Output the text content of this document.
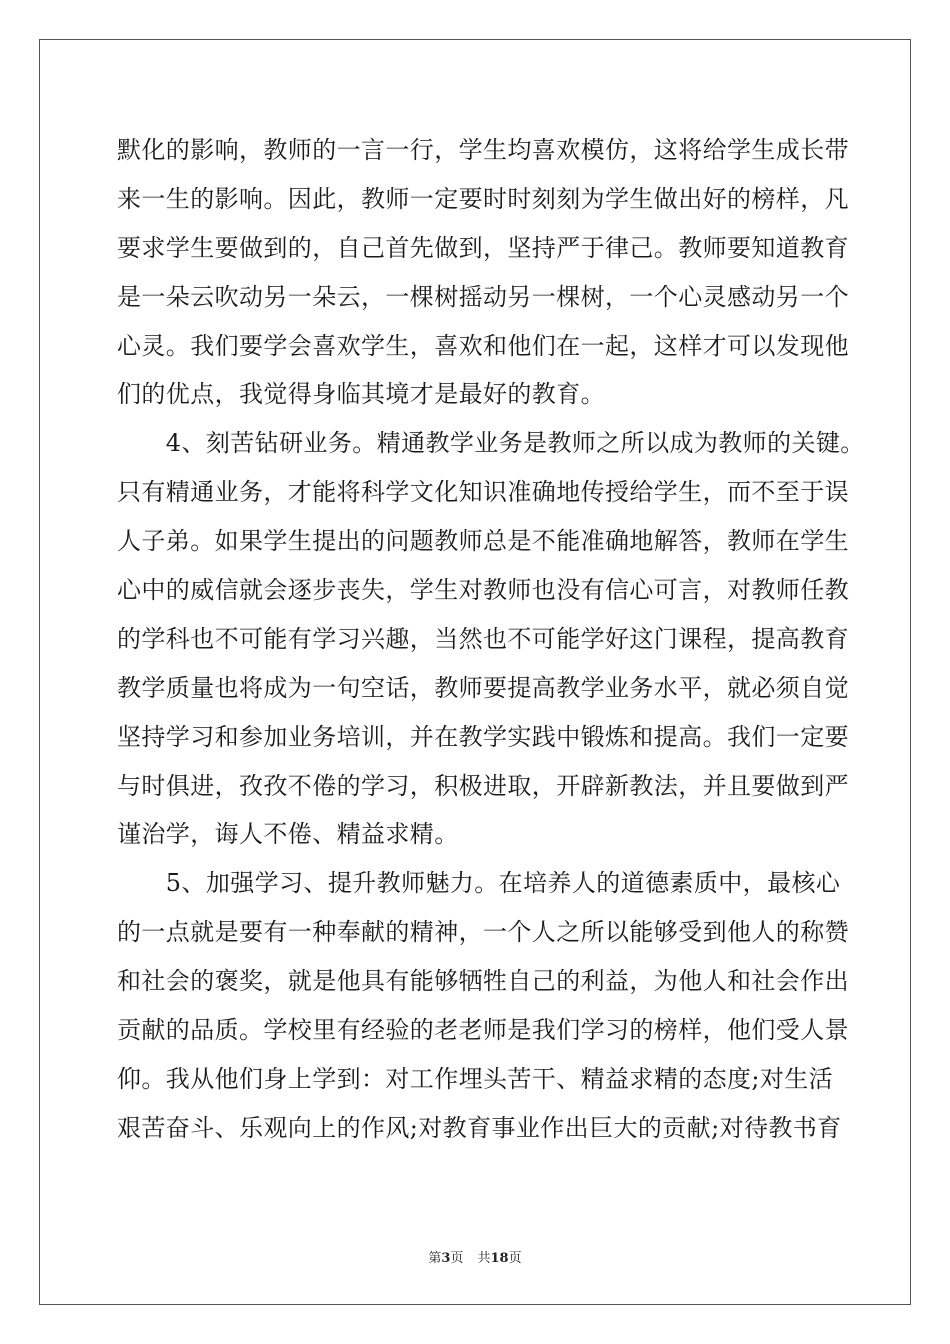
默化的影响，教师的一言一行，学生均喜欢模仿，这将给学生成长带
来一生的影响。因此，教师一定要时时刻刻为学生做出好的榜样，凡
要求学生要做到的，自己首先做到，坚持严于律己。教师要知道教育
是一朵云吹动另一朵云，一棵树摇动另一棵树，一个心灵感动另一个
心灵。我们要学会喜欢学生，喜欢和他们在一起，这样才可以发现他
们的优点，我觉得身临其境才是最好的教育。
　　4、刻苦钻研业务。精通教学业务是教师之所以成为教师的关键。
只有精通业务，才能将科学文化知识准确地传授给学生，而不至于误
人子弟。如果学生提出的问题教师总是不能准确地解答，教师在学生
心中的威信就会逐步丧失，学生对教师也没有信心可言，对教师任教
的学科也不可能有学习兴趣，当然也不可能学好这门课程，提高教育
教学质量也将成为一句空话，教师要提高教学业务水平，就必须自觉
坚持学习和参加业务培训，并在教学实践中锻炼和提高。我们一定要
与时俱进，孜孜不倦的学习，积极进取，开辟新教法，并且要做到严
谨治学，诲人不倦、精益求精。
　　5、加强学习、提升教师魅力。在培养人的道德素质中，最核心
的一点就是要有一种奉献的精神，一个人之所以能够受到他人的称赞
和社会的褒奖，就是他具有能够牺牲自己的利益，为他人和社会作出
贡献的品质。学校里有经验的老老师是我们学习的榜样，他们受人景
仰。我从他们身上学到：对工作埋头苦干、精益求精的态度;对生活
艰苦奋斗、乐观向上的作风;对教育事业作出巨大的贡献;对待教书育
第3页 共18页
